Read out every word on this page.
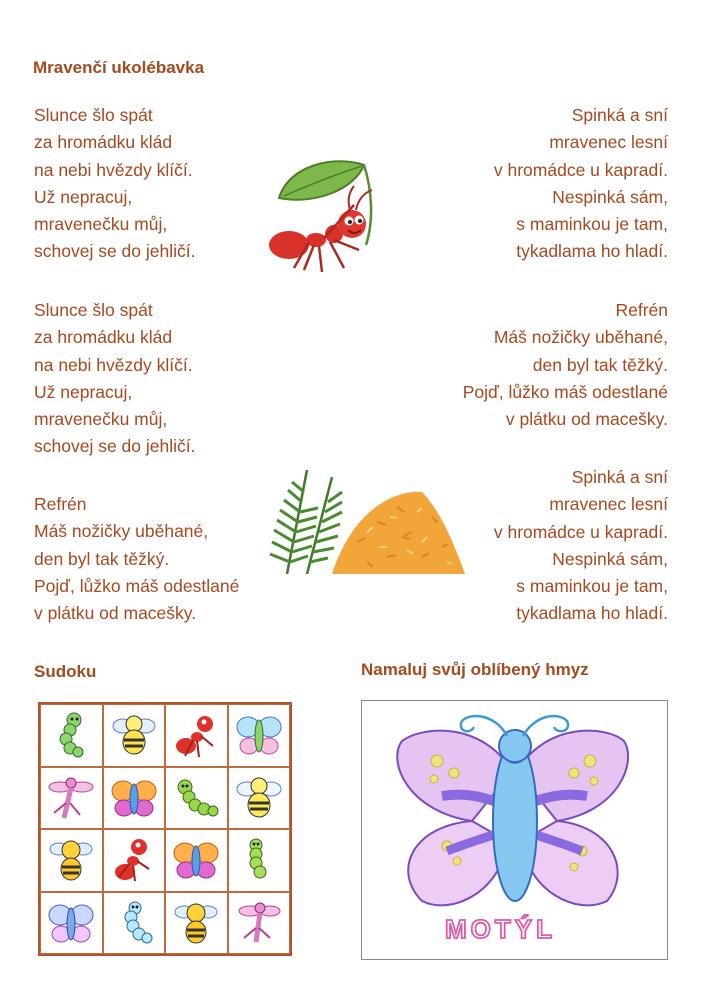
Mravenčí ukolébavka
Slunce šlo spát
za hromádku klád
na nebi hvězdy klíčí.
Už nepracuj,
mravenečku můj,
schovej se do jehličí.
Slunce šlo spát
za hromádku klád
na nebi hvězdy klíčí.
Už nepracuj,
mravenečku můj,
schovej se do jehličí.
Refrén
Máš nožičky uběhané,
den byl tak těžký.
Pojď, lůžko máš odestlané
v plátku od macešky.
Spinká a sní
mravenec lesní
v hromádce u kapradí.
Nespinká sám,
s maminkou je tam,
tykadlama ho hladí.
Refrén
Máš nožičky uběhané,
den byl tak těžký.
Pojď, lůžko máš odestlané
v plátku od macešky.
Spinká a sní
mravenec lesní
v hromádce u kapradí.
Nespinká sám,
s maminkou je tam,
tykadlama ho hladí.
Sudoku	Namaluj svůj oblíbený hmyz
MOTÝL
